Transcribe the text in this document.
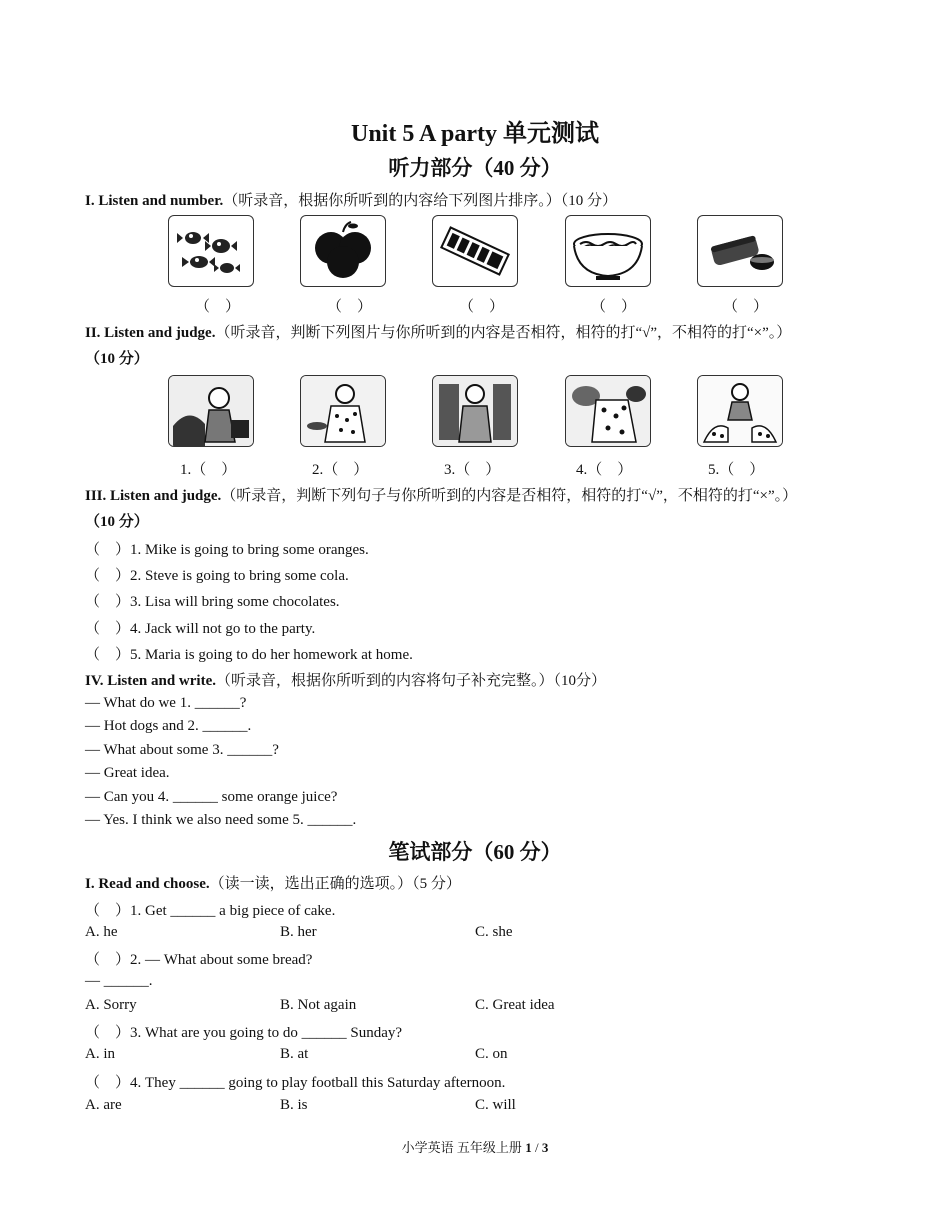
Unit 5 A party 单元测试
听力部分（40 分）
I. Listen and number.（听录音，根据你所听到的内容给下列图片排序。）（10 分）
（　）	（　）	（　）	（　）	（　）
II. Listen and judge.（听录音，判断下列图片与你所听到的内容是否相符，相符的打“√”，不相符的打“×”。）
（10 分）
1.（　）	2.（　）	3.（　）	4.（　）	5.（　）
III. Listen and judge.（听录音，判断下列句子与你所听到的内容是否相符，相符的打“√”，不相符的打“×”。）
（10 分）
（　）1. Mike is going to bring some oranges.
（　）2. Steve is going to bring some cola.
（　）3. Lisa will bring some chocolates.
（　）4. Jack will not go to the party.
（　）5. Maria is going to do her homework at home.
IV. Listen and write.（听录音，根据你所听到的内容将句子补充完整。）（10分）
— What do we 1. ______?
— Hot dogs and 2. ______.
— What about some 3. ______?
— Great idea.
— Can you 4. ______ some orange juice?
— Yes. I think we also need some 5. ______.
笔试部分（60 分）
I. Read and choose.（读一读，选出正确的选项。）（5 分）
（　）1. Get ______ a big piece of cake.
A. he	B. her	C. she
（　）2. — What about some bread?
— ______.
A. Sorry	B. Not again	C. Great idea
（　）3. What are you going to do ______ Sunday?
A. in	B. at	C. on
（　）4. They ______ going to play football this Saturday afternoon.
A. are	B. is	C. will
小学英语 五年级上册 1 / 3
